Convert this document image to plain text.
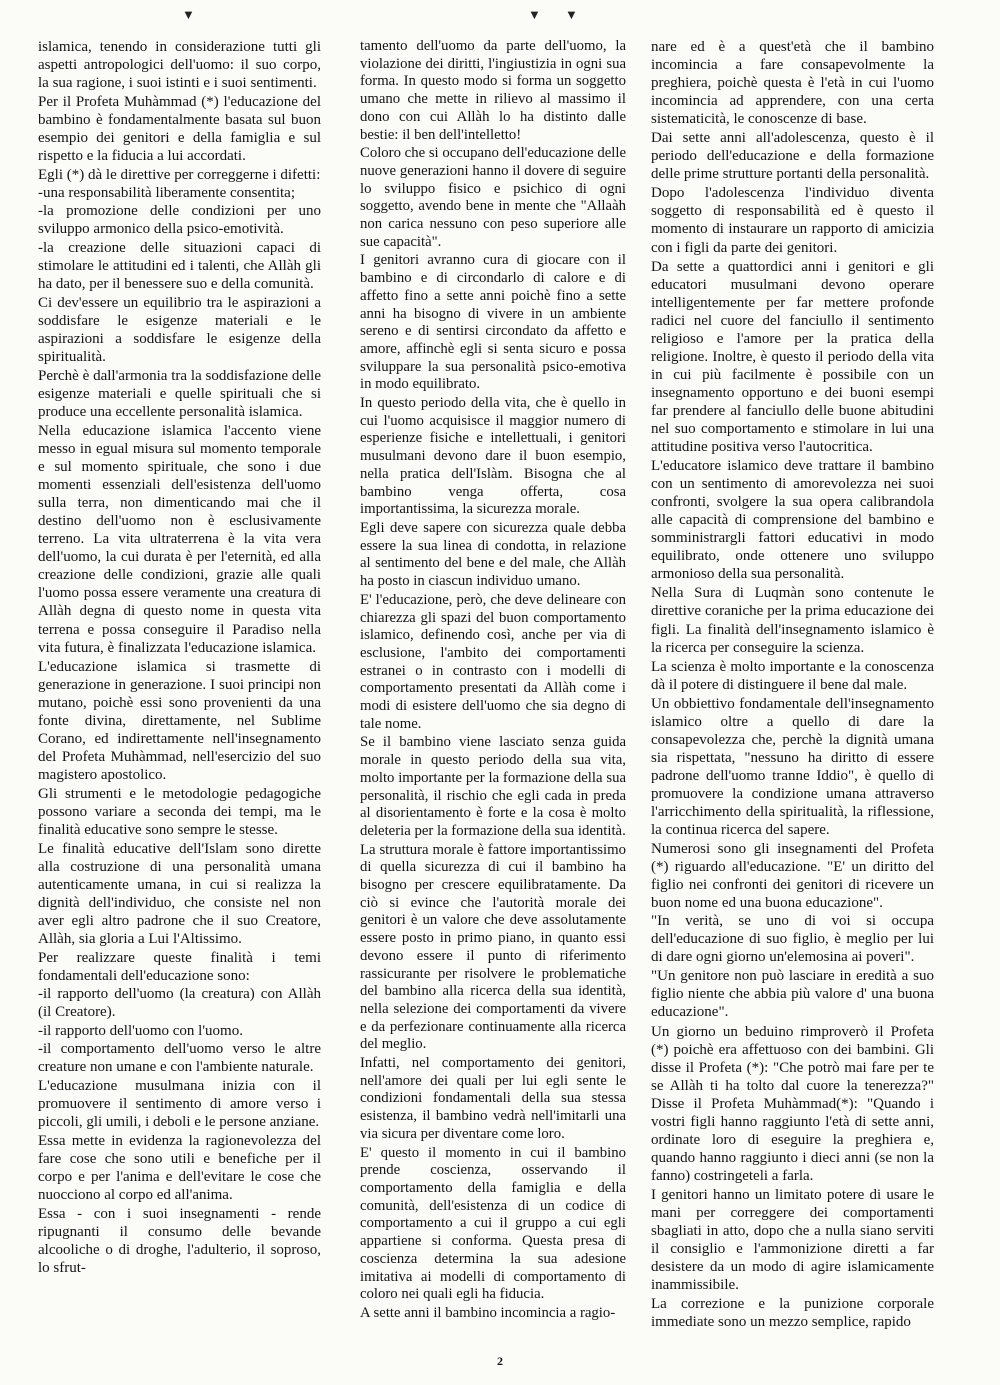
▼	▼ ▼

islamica, tenendo in considerazione tutti gli aspetti antropologici dell'uomo: il suo corpo, la sua ragione, i suoi istinti e i suoi sentimenti.

Per il Profeta Muhàmmad (*) l'educazione del bambino è fondamentalmente basata sul buon esempio dei genitori e della famiglia e sul rispetto e la fiducia a lui accordati.

Egli (*) dà le direttive per correggerne i difetti:
-una responsabilità liberamente consentita;
-la promozione delle condizioni per uno sviluppo armonico della psico-emotività.
-la creazione delle situazioni capaci di stimolare le attitudini ed i talenti, che Allàh gli ha dato, per il benessere suo e della comunità.

Ci dev'essere un equilibrio tra le aspirazioni a soddisfare le esigenze materiali e le aspirazioni a soddisfare le esigenze della spiritualità.

Perchè è dall'armonia tra la soddisfazione delle esigenze materiali e quelle spirituali che si produce una eccellente personalità islamica.

Nella educazione islamica l'accento viene messo in egual misura sul momento temporale e sul momento spirituale, che sono i due momenti essenziali dell'esistenza dell'uomo sulla terra, non dimenticando mai che il destino dell'uomo non è esclusivamente terreno. La vita ultraterrena è la vita vera dell'uomo, la cui durata è per l'eternità, ed alla creazione delle condizioni, grazie alle quali l'uomo possa essere veramente una creatura di Allàh degna di questo nome in questa vita terrena e possa conseguire il Paradiso nella vita futura, è finalizzata l'educazione islamica.

L'educazione islamica si trasmette di generazione in generazione. I suoi principi non mutano, poichè essi sono provenienti da una fonte divina, direttamente, nel Sublime Corano, ed indirettamente nell'insegnamento del Profeta Muhàmmad, nell'esercizio del suo magistero apostolico.

Gli strumenti e le metodologie pedagogiche possono variare a seconda dei tempi, ma le finalità educative sono sempre le stesse.

Le finalità educative dell'Islam sono dirette alla costruzione di una personalità umana autenticamente umana, in cui si realizza la dignità dell'individuo, che consiste nel non aver egli altro padrone che il suo Creatore, Allàh, sia gloria a Lui l'Altissimo.

Per realizzare queste finalità i temi fondamentali dell'educazione sono:
-il rapporto dell'uomo (la creatura) con Allàh (il Creatore).
-il rapporto dell'uomo con l'uomo.
-il comportamento dell'uomo verso le altre creature non umane e con l'ambiente naturale.

L'educazione musulmana inizia con il promuovere il sentimento di amore verso i piccoli, gli umili, i deboli e le persone anziane.

Essa mette in evidenza la ragionevolezza del fare cose che sono utili e benefiche per il corpo e per l'anima e dell'evitare le cose che nuocciono al corpo ed all'anima.

Essa - con i suoi insegnamenti - rende ripugnanti il consumo delle bevande alcooliche o di droghe, l'adulterio, il soproso, lo sfrut-

tamento dell'uomo da parte dell'uomo, la violazione dei diritti, l'ingiustizia in ogni sua forma. In questo modo si forma un soggetto umano che mette in rilievo al massimo il dono con cui Allàh lo ha distinto dalle bestie: il ben dell'intelletto!

Coloro che si occupano dell'educazione delle nuove generazioni hanno il dovere di seguire lo sviluppo fisico e psichico di ogni soggetto, avendo bene in mente che "Allaàh non carica nessuno con peso superiore alle sue capacità".

I genitori avranno cura di giocare con il bambino e di circondarlo di calore e di affetto fino a sette anni poichè fino a sette anni ha bisogno di vivere in un ambiente sereno e di sentirsi circondato da affetto e amore, affinchè egli si senta sicuro e possa sviluppare la sua personalità psico-emotiva in modo equilibrato.

In questo periodo della vita, che è quello in cui l'uomo acquisisce il maggior numero di esperienze fisiche e intellettuali, i genitori musulmani devono dare il buon esempio, nella pratica dell'Islàm. Bisogna che al bambino venga offerta, cosa importantissima, la sicurezza morale.

Egli deve sapere con sicurezza quale debba essere la sua linea di condotta, in relazione al sentimento del bene e del male, che Allàh ha posto in ciascun individuo umano.

E' l'educazione, però, che deve delineare con chiarezza gli spazi del buon comportamento islamico, definendo così, anche per via di esclusione, l'ambito dei comportamenti estranei o in contrasto con i modelli di comportamento presentati da Allàh come i modi di esistere dell'uomo che sia degno di tale nome.

Se il bambino viene lasciato senza guida morale in questo periodo della sua vita, molto importante per la formazione della sua personalità, il rischio che egli cada in preda al disorientamento è forte e la cosa è molto deleteria per la formazione della sua identità.

La struttura morale è fattore importantissimo di quella sicurezza di cui il bambino ha bisogno per crescere equilibratamente. Da ciò si evince che l'autorità morale dei genitori è un valore che deve assolutamente essere posto in primo piano, in quanto essi devono essere il punto di riferimento rassicurante per risolvere le problematiche del bambino alla ricerca della sua identità, nella selezione dei comportamenti da vivere e da perfezionare continuamente alla ricerca del meglio.

Infatti, nel comportamento dei genitori, nell'amore dei quali per lui egli sente le condizioni fondamentali della sua stessa esistenza, il bambino vedrà nell'imitarli una via sicura per diventare come loro.

E' questo il momento in cui il bambino prende coscienza, osservando il comportamento della famiglia e della comunità, dell'esistenza di un codice di comportamento a cui il gruppo a cui egli appartiene si conforma. Questa presa di coscienza determina la sua adesione imitativa ai modelli di comportamento di coloro nei quali egli ha fiducia.

A sette anni il bambino incomincia a ragio-

nare ed è a quest'età che il bambino incomincia a fare consapevolmente la preghiera, poichè questa è l'età in cui l'uomo incomincia ad apprendere, con una certa sistematicità, le conoscenze di base.

Dai sette anni all'adolescenza, questo è il periodo dell'educazione e della formazione delle prime strutture portanti della personalità.

Dopo l'adolescenza l'individuo diventa soggetto di responsabilità ed è questo il momento di instaurare un rapporto di amicizia con i figli da parte dei genitori.

Da sette a quattordici anni i genitori e gli educatori musulmani devono operare intelligentemente per far mettere profonde radici nel cuore del fanciullo il sentimento religioso e l'amore per la pratica della religione. Inoltre, è questo il periodo della vita in cui più facilmente è possibile con un insegnamento opportuno e dei buoni esempi far prendere al fanciullo delle buone abitudini nel suo comportamento e stimolare in lui una attitudine positiva verso l'autocritica.

L'educatore islamico deve trattare il bambino con un sentimento di amorevolezza nei suoi confronti, svolgere la sua opera calibrandola alle capacità di comprensione del bambino e somministrargli fattori educativi in modo equilibrato, onde ottenere uno sviluppo armonioso della sua personalità.

Nella Sura di Luqmàn sono contenute le direttive coraniche per la prima educazione dei figli. La finalità dell'insegnamento islamico è la ricerca per conseguire la scienza.

La scienza è molto importante e la conoscenza dà il potere di distinguere il bene dal male.

Un obbiettivo fondamentale dell'insegnamento islamico oltre a quello di dare la consapevolezza che, perchè la dignità umana sia rispettata, "nessuno ha diritto di essere padrone dell'uomo tranne Iddio", è quello di promuovere la condizione umana attraverso l'arricchimento della spiritualità, la riflessione, la continua ricerca del sapere.

Numerosi sono gli insegnamenti del Profeta (*) riguardo all'educazione. "E' un diritto del figlio nei confronti dei genitori di ricevere un buon nome ed una buona educazione".
"In verità, se uno di voi si occupa dell'educazione di suo figlio, è meglio per lui di dare ogni giorno un'elemosina ai poveri".

"Un genitore non può lasciare in eredità a suo figlio niente che abbia più valore d' una buona educazione".

Un giorno un beduino rimproverò il Profeta (*) poichè era affettuoso con dei bambini. Gli disse il Profeta (*): "Che potrò mai fare per te se Allàh ti ha tolto dal cuore la tenerezza?" Disse il Profeta Muhàmmad(*): "Quando i vostri figli hanno raggiunto l'età di sette anni, ordinate loro di eseguire la preghiera e, quando hanno raggiunto i dieci anni (se non la fanno) costringeteli a farla.

I genitori hanno un limitato potere di usare le mani per correggere dei comportamenti sbagliati in atto, dopo che a nulla siano serviti il consiglio e l'ammonizione diretti a far desistere da un modo di agire islamicamente inammissibile.

La correzione e la punizione corporale immediate sono un mezzo semplice, rapido

2
